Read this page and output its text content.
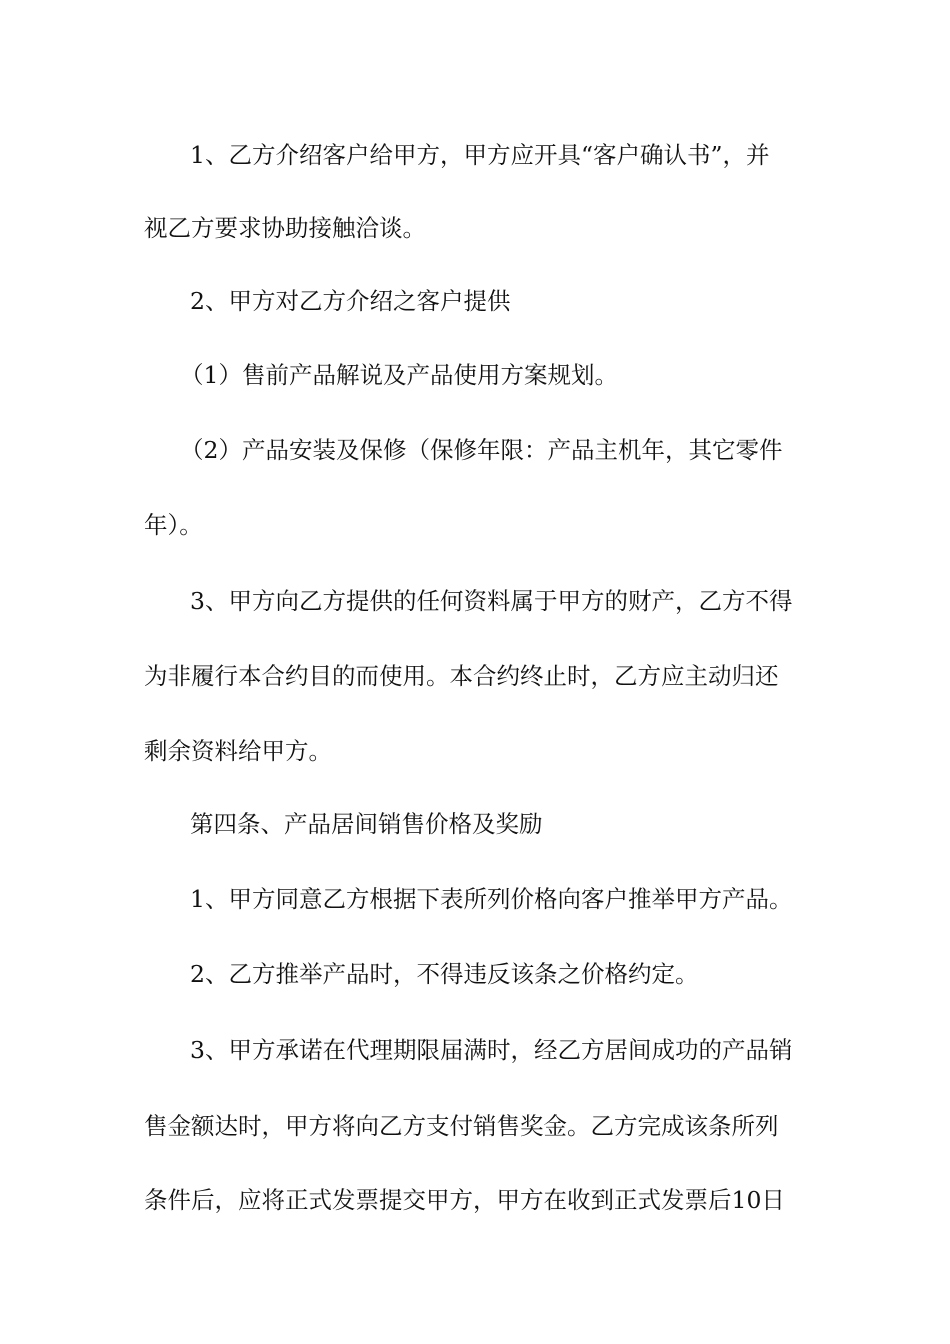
1、乙方介绍客户给甲方，甲方应开具“客户确认书”，并
视乙方要求协助接触洽谈。
2、甲方对乙方介绍之客户提供
（1）售前产品解说及产品使用方案规划。
（2）产品安装及保修（保修年限：产品主机年，其它零件
年）。
3、甲方向乙方提供的任何资料属于甲方的财产，乙方不得
为非履行本合约目的而使用。本合约终止时，乙方应主动归还
剩余资料给甲方。
第四条、产品居间销售价格及奖励
1、甲方同意乙方根据下表所列价格向客户推举甲方产品。
2、乙方推举产品时，不得违反该条之价格约定。
3、甲方承诺在代理期限届满时，经乙方居间成功的产品销
售金额达时，甲方将向乙方支付销售奖金。乙方完成该条所列
条件后，应将正式发票提交甲方，甲方在收到正式发票后10日
